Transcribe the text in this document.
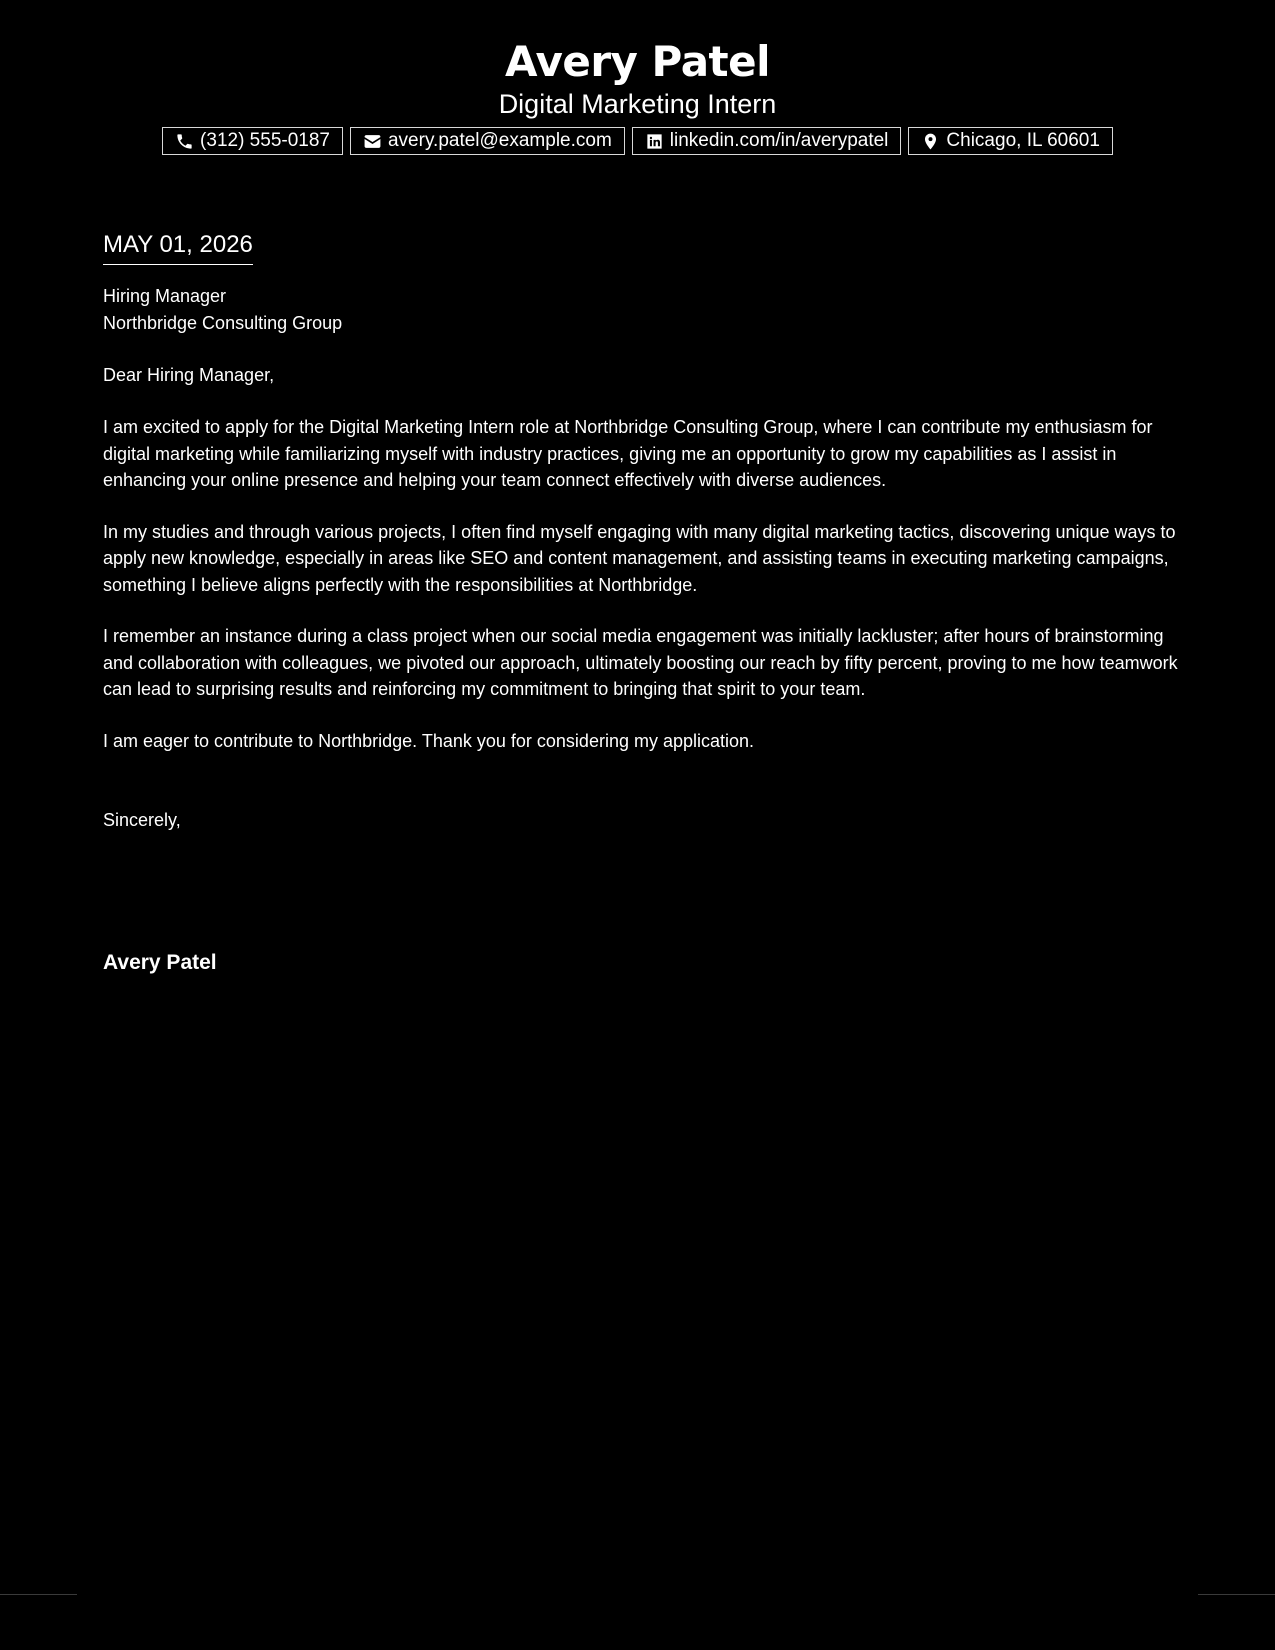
Avery Patel
Digital Marketing Intern
(312) 555-0187	avery.patel@example.com	linkedin.com/in/averypatel	Chicago, IL 60601
MAY 01, 2026
Hiring Manager
Northbridge Consulting Group
Dear Hiring Manager,
I am excited to apply for the Digital Marketing Intern role at Northbridge Consulting Group, where I can contribute my enthusiasm for digital marketing while familiarizing myself with industry practices, giving me an opportunity to grow my capabilities as I assist in enhancing your online presence and helping your team connect effectively with diverse audiences.
In my studies and through various projects, I often find myself engaging with many digital marketing tactics, discovering unique ways to apply new knowledge, especially in areas like SEO and content management, and assisting teams in executing marketing campaigns, something I believe aligns perfectly with the responsibilities at Northbridge.
I remember an instance during a class project when our social media engagement was initially lackluster; after hours of brainstorming and collaboration with colleagues, we pivoted our approach, ultimately boosting our reach by fifty percent, proving to me how teamwork can lead to surprising results and reinforcing my commitment to bringing that spirit to your team.
I am eager to contribute to Northbridge. Thank you for considering my application.
Sincerely,
Avery Patel
